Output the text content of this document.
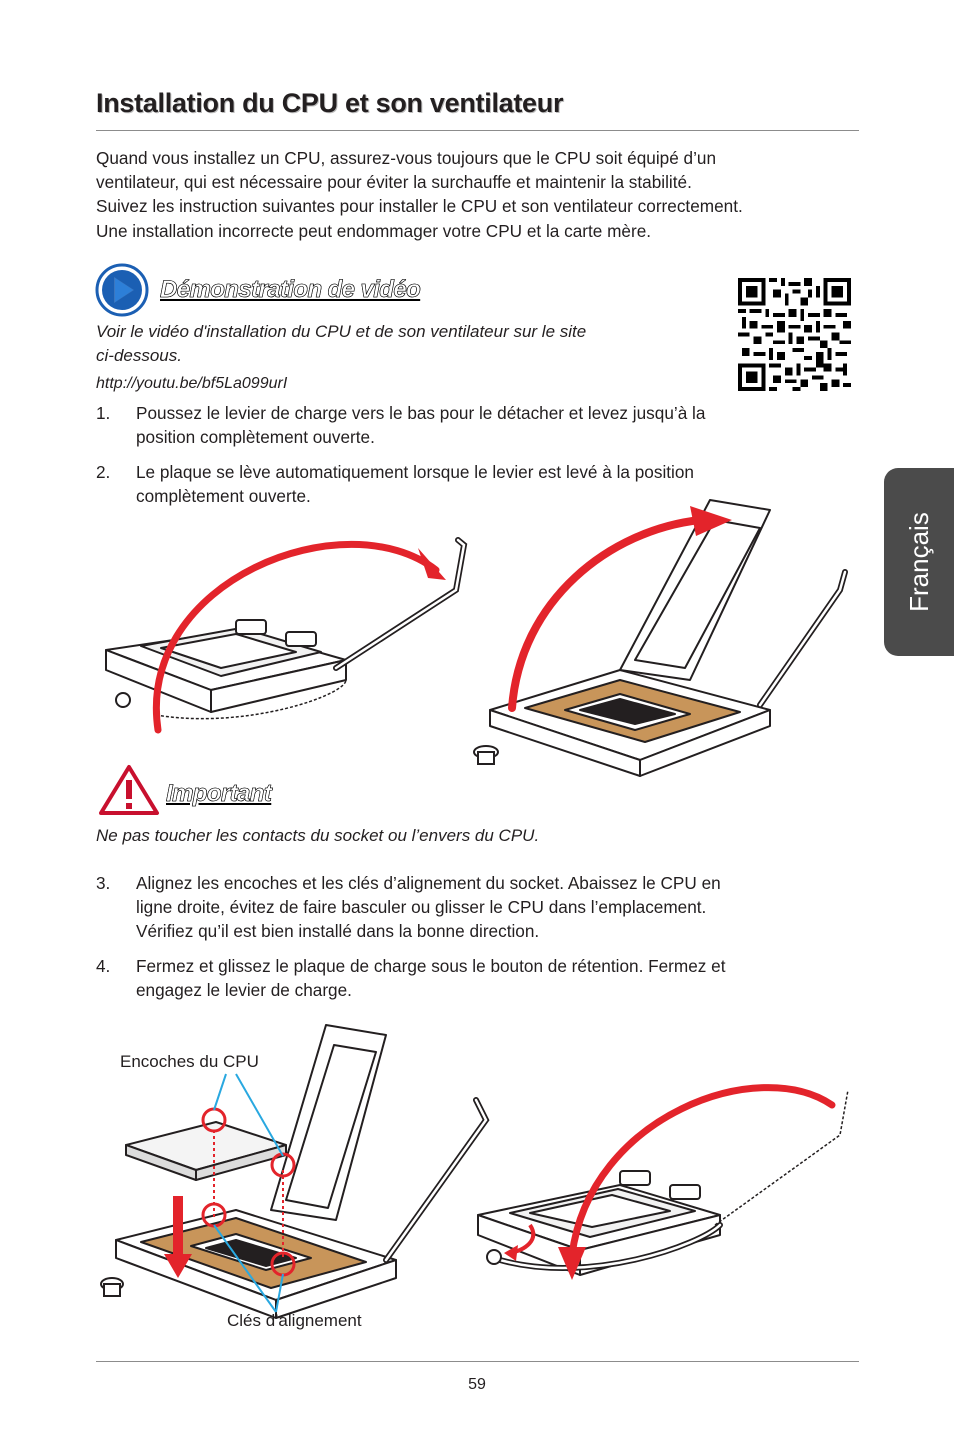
Installation du CPU et son ventilateur
Quand vous installez un CPU, assurez-vous toujours que le CPU soit équipé d’un
ventilateur, qui est nécessaire pour éviter la surchauffe et maintenir la stabilité.
Suivez les instruction suivantes pour installer le CPU et son ventilateur correctement.
Une installation incorrecte peut endommager votre CPU et la carte mère.
Démonstration de vidéo
Voir le vidéo d'installation du CPU et de son ventilateur sur le site
ci-dessous.
http://youtu.be/bf5La099urI
1. Poussez le levier de charge vers le bas pour le détacher et levez jusqu’à la
position complètement ouverte.
2. Le plaque se lève automatiquement lorsque le levier est levé à la position
complètement ouverte.
Français
Important
Ne pas toucher les contacts du socket ou l’envers du CPU.
3. Alignez les encoches et les clés d’alignement du socket. Abaissez le CPU en
ligne droite, évitez de faire basculer ou glisser le CPU dans l’emplacement.
Vérifiez qu’il est bien installé dans la bonne direction.
4. Fermez et glissez le plaque de charge sous le bouton de rétention. Fermez et
engagez le levier de charge.
Encoches du CPU
Clés d'alignement
59
